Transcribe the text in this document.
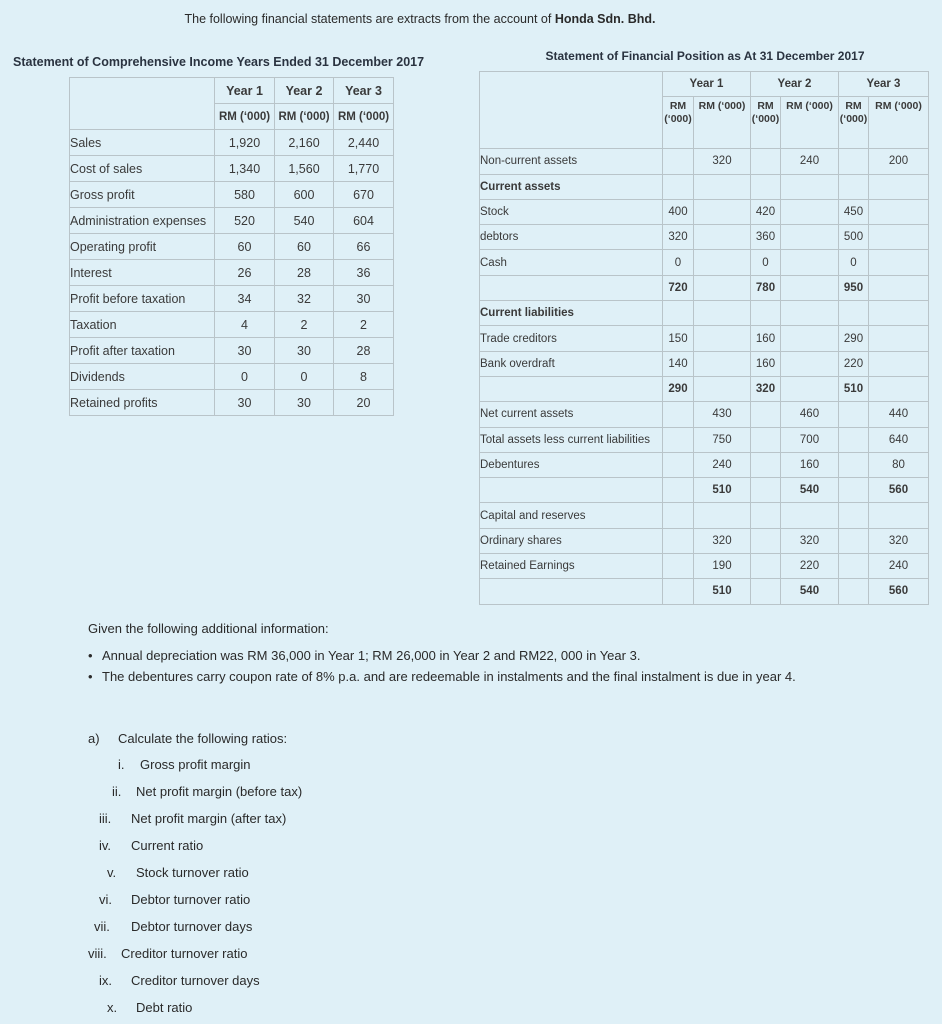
The following financial statements are extracts from the account of Honda Sdn. Bhd.
Statement of Comprehensive Income Years Ended 31 December 2017	Statement of Financial Position as At 31 December 2017
	Year 1	Year 2	Year 3
	RM (‘000)	RM (‘000)	RM (‘000)
Sales	1,920	2,160	2,440
Cost of sales	1,340	1,560	1,770
Gross profit	580	600	670
Administration expenses	520	540	604
Operating profit	60	60	66
Interest	26	28	36
Profit before taxation	34	32	30
Taxation	4	2	2
Profit after taxation	30	30	28
Dividends	0	0	8
Retained profits	30	30	20
	Year 1		Year 2		Year 3	
	RM (‘000)	RM (‘000)	RM (‘000)	RM (‘000)	RM (‘000)	RM (‘000)
Non-current assets		320		240		200
Current assets						
Stock	400		420		450	
debtors	320		360		500	
Cash	0		0		0	
	720		780		950	
Current liabilities						
Trade creditors	150		160		290	
Bank overdraft	140		160		220	
	290		320		510	
Net current assets		430		460		440
Total assets less current liabilities		750		700		640
Debentures		240		160		80
		510		540		560
Capital and reserves						
Ordinary shares		320		320		320
Retained Earnings		190		220		240
		510		540		560
Given the following additional information:
• Annual depreciation was RM 36,000 in Year 1; RM 26,000 in Year 2 and RM22, 000 in Year 3.
• The debentures carry coupon rate of 8% p.a. and are redeemable in instalments and the final instalment is due in year 4.
a) Calculate the following ratios:
i. Gross profit margin
ii. Net profit margin (before tax)
iii. Net profit margin (after tax)
iv. Current ratio
v. Stock turnover ratio
vi. Debtor turnover ratio
vii. Debtor turnover days
viii. Creditor turnover ratio
ix. Creditor turnover days
x. Debt ratio
